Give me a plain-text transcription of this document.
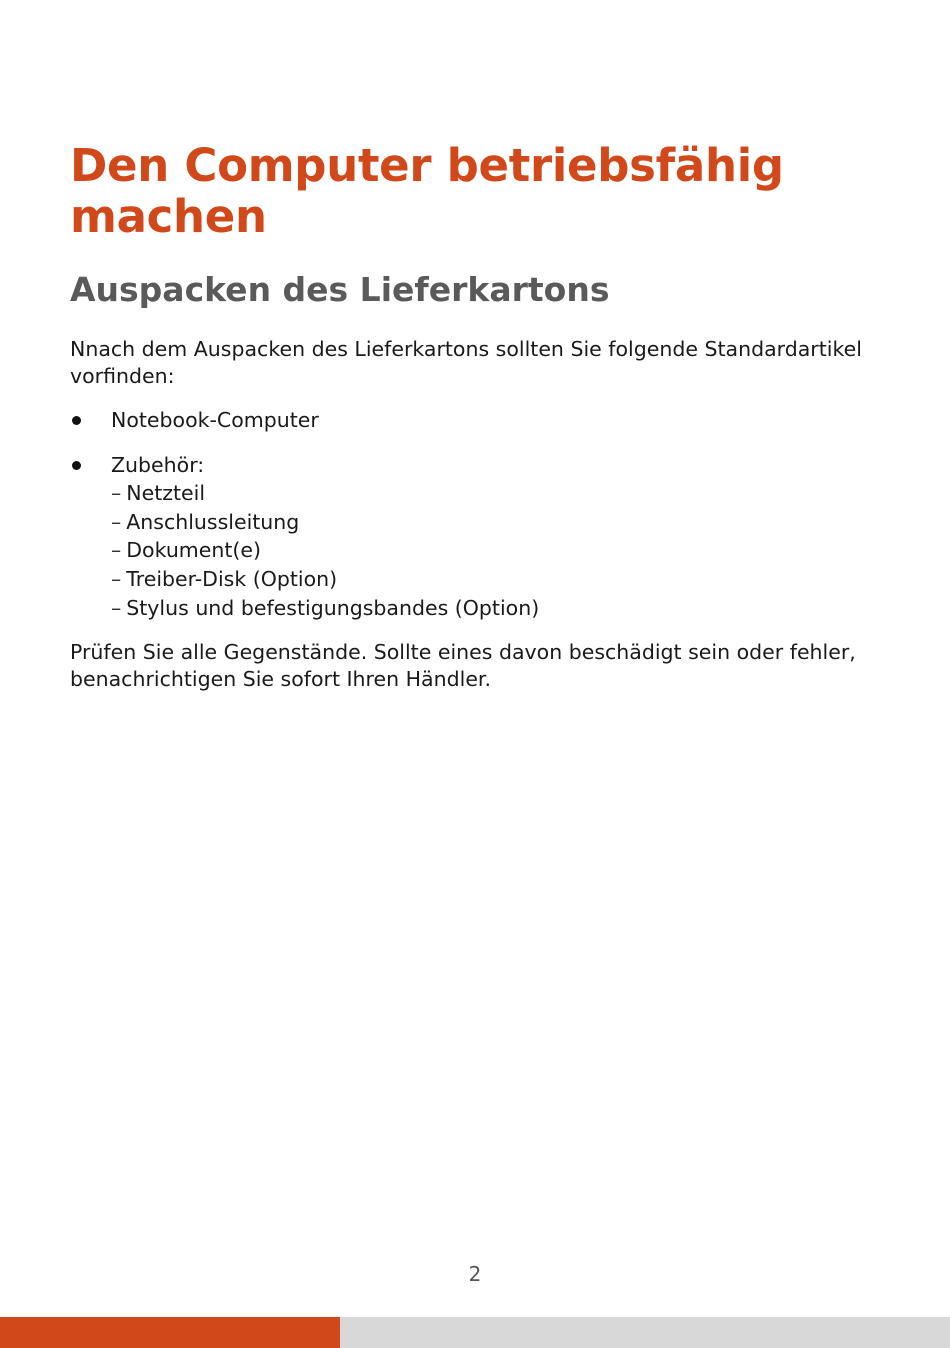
Den Computer betriebsfähig machen
Auspacken des Lieferkartons

Nnach dem Auspacken des Lieferkartons sollten Sie folgende Standardartikel vorfinden:

Notebook-Computer
Zubehör:
– Netzteil
– Anschlussleitung
– Dokument(e)
– Treiber-Disk (Option)
– Stylus und befestigungsbandes (Option)

Prüfen Sie alle Gegenstände. Sollte eines davon beschädigt sein oder fehler, benachrichtigen Sie sofort Ihren Händler.

2
